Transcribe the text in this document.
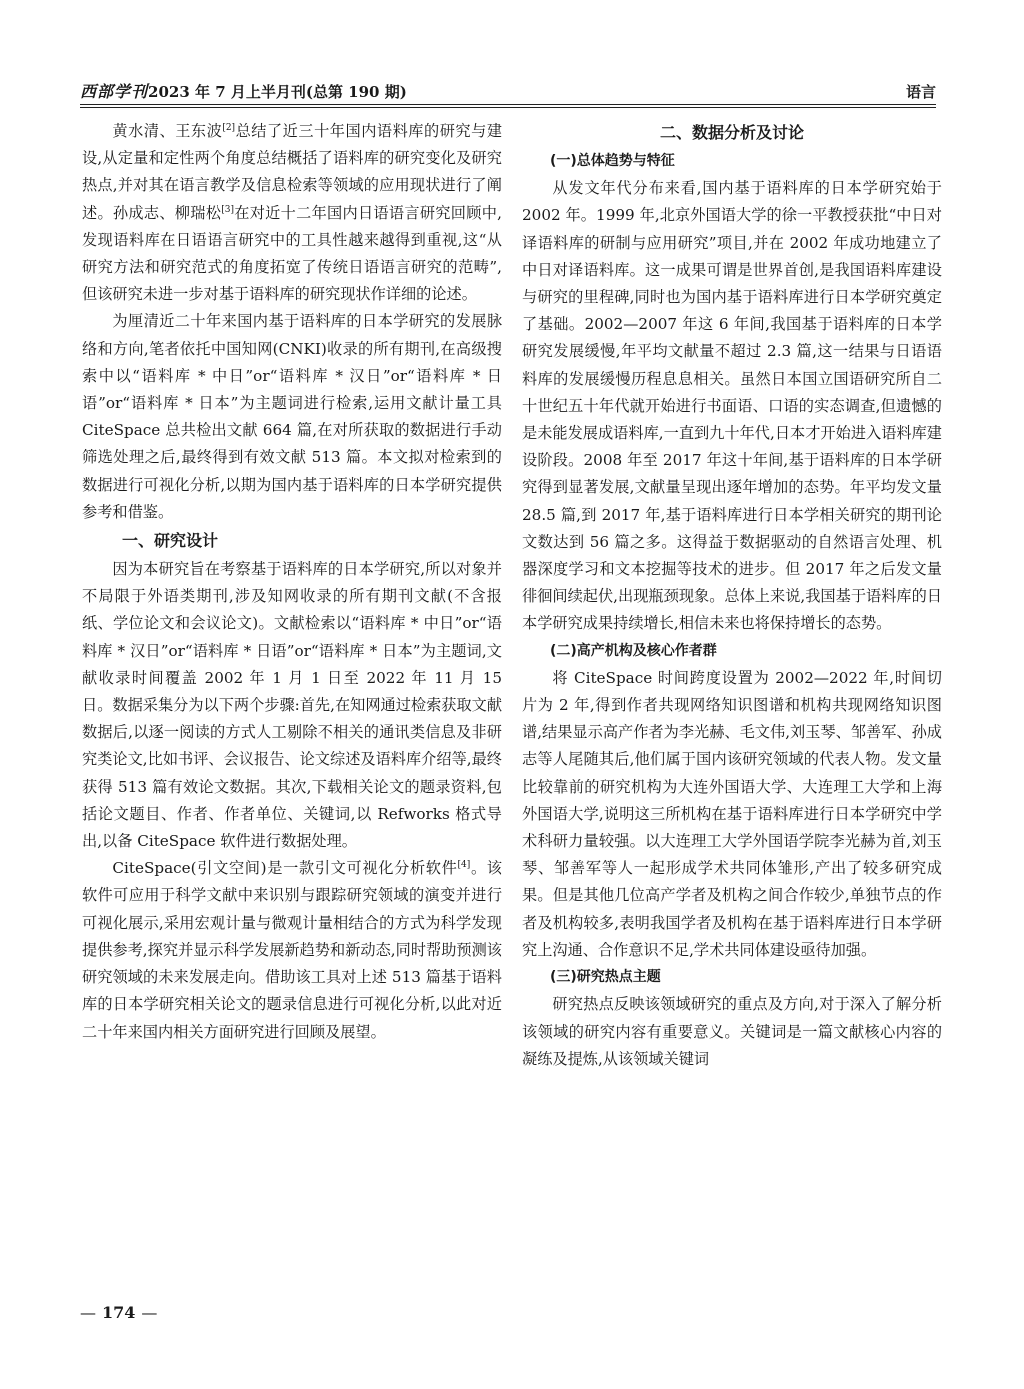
西部学刊 2023 年 7 月上半月刊(总第 190 期)	语言

黄水清、王东波[2]总结了近三十年国内语料库的研究与建设,从定量和定性两个角度总结概括了语料库的研究变化及研究热点,并对其在语言教学及信息检索等领域的应用现状进行了阐述。孙成志、柳瑞松[3]在对近十二年国内日语语言研究回顾中,发现语料库在日语语言研究中的工具性越来越得到重视,这“从研究方法和研究范式的角度拓宽了传统日语语言研究的范畴”,但该研究未进一步对基于语料库的研究现状作详细的论述。

为厘清近二十年来国内基于语料库的日本学研究的发展脉络和方向,笔者依托中国知网(CNKI)收录的所有期刊,在高级搜索中以“语料库 * 中日”or“语料库 * 汉日”or“语料库 * 日语”or“语料库 * 日本”为主题词进行检索,运用文献计量工具 CiteSpace 总共检出文献 664 篇,在对所获取的数据进行手动筛选处理之后,最终得到有效文献 513 篇。本文拟对检索到的数据进行可视化分析,以期为国内基于语料库的日本学研究提供参考和借鉴。

一、研究设计

因为本研究旨在考察基于语料库的日本学研究,所以对象并不局限于外语类期刊,涉及知网收录的所有期刊文献(不含报纸、学位论文和会议论文)。文献检索以“语料库 * 中日”or“语料库 * 汉日”or“语料库 * 日语”or“语料库 * 日本”为主题词,文献收录时间覆盖 2002 年 1 月 1 日至 2022 年 11 月 15 日。数据采集分为以下两个步骤:首先,在知网通过检索获取文献数据后,以逐一阅读的方式人工剔除不相关的通讯类信息及非研究类论文,比如书评、会议报告、论文综述及语料库介绍等,最终获得 513 篇有效论文数据。其次,下载相关论文的题录资料,包括论文题目、作者、作者单位、关键词,以 Refworks 格式导出,以备 CiteSpace 软件进行数据处理。

CiteSpace(引文空间)是一款引文可视化分析软件[4]。该软件可应用于科学文献中来识别与跟踪研究领域的演变并进行可视化展示,采用宏观计量与微观计量相结合的方式为科学发现提供参考,探究并显示科学发展新趋势和新动态,同时帮助预测该研究领域的未来发展走向。借助该工具对上述 513 篇基于语料库的日本学研究相关论文的题录信息进行可视化分析,以此对近二十年来国内相关方面研究进行回顾及展望。

二、数据分析及讨论

(一)总体趋势与特征

从发文年代分布来看,国内基于语料库的日本学研究始于 2002 年。1999 年,北京外国语大学的徐一平教授获批“中日对译语料库的研制与应用研究”项目,并在 2002 年成功地建立了中日对译语料库。这一成果可谓是世界首创,是我国语料库建设与研究的里程碑,同时也为国内基于语料库进行日本学研究奠定了基础。2002—2007 年这 6 年间,我国基于语料库的日本学研究发展缓慢,年平均文献量不超过 2.3 篇,这一结果与日语语料库的发展缓慢历程息息相关。虽然日本国立国语研究所自二十世纪五十年代就开始进行书面语、口语的实态调查,但遗憾的是未能发展成语料库,一直到九十年代,日本才开始进入语料库建设阶段。2008 年至 2017 年这十年间,基于语料库的日本学研究得到显著发展,文献量呈现出逐年增加的态势。年平均发文量 28.5 篇,到 2017 年,基于语料库进行日本学相关研究的期刊论文数达到 56 篇之多。这得益于数据驱动的自然语言处理、机器深度学习和文本挖掘等技术的进步。但 2017 年之后发文量徘徊间续起伏,出现瓶颈现象。总体上来说,我国基于语料库的日本学研究成果持续增长,相信未来也将保持增长的态势。

(二)高产机构及核心作者群

将 CiteSpace 时间跨度设置为 2002—2022 年,时间切片为 2 年,得到作者共现网络知识图谱和机构共现网络知识图谱,结果显示高产作者为李光赫、毛文伟,刘玉琴、邹善军、孙成志等人尾随其后,他们属于国内该研究领域的代表人物。发文量比较靠前的研究机构为大连外国语大学、大连理工大学和上海外国语大学,说明这三所机构在基于语料库进行日本学研究中学术科研力量较强。以大连理工大学外国语学院李光赫为首,刘玉琴、邹善军等人一起形成学术共同体雏形,产出了较多研究成果。但是其他几位高产学者及机构之间合作较少,单独节点的作者及机构较多,表明我国学者及机构在基于语料库进行日本学研究上沟通、合作意识不足,学术共同体建设亟待加强。

(三)研究热点主题

研究热点反映该领域研究的重点及方向,对于深入了解分析该领域的研究内容有重要意义。关键词是一篇文献核心内容的凝练及提炼,从该领域关键词

— 174 —
